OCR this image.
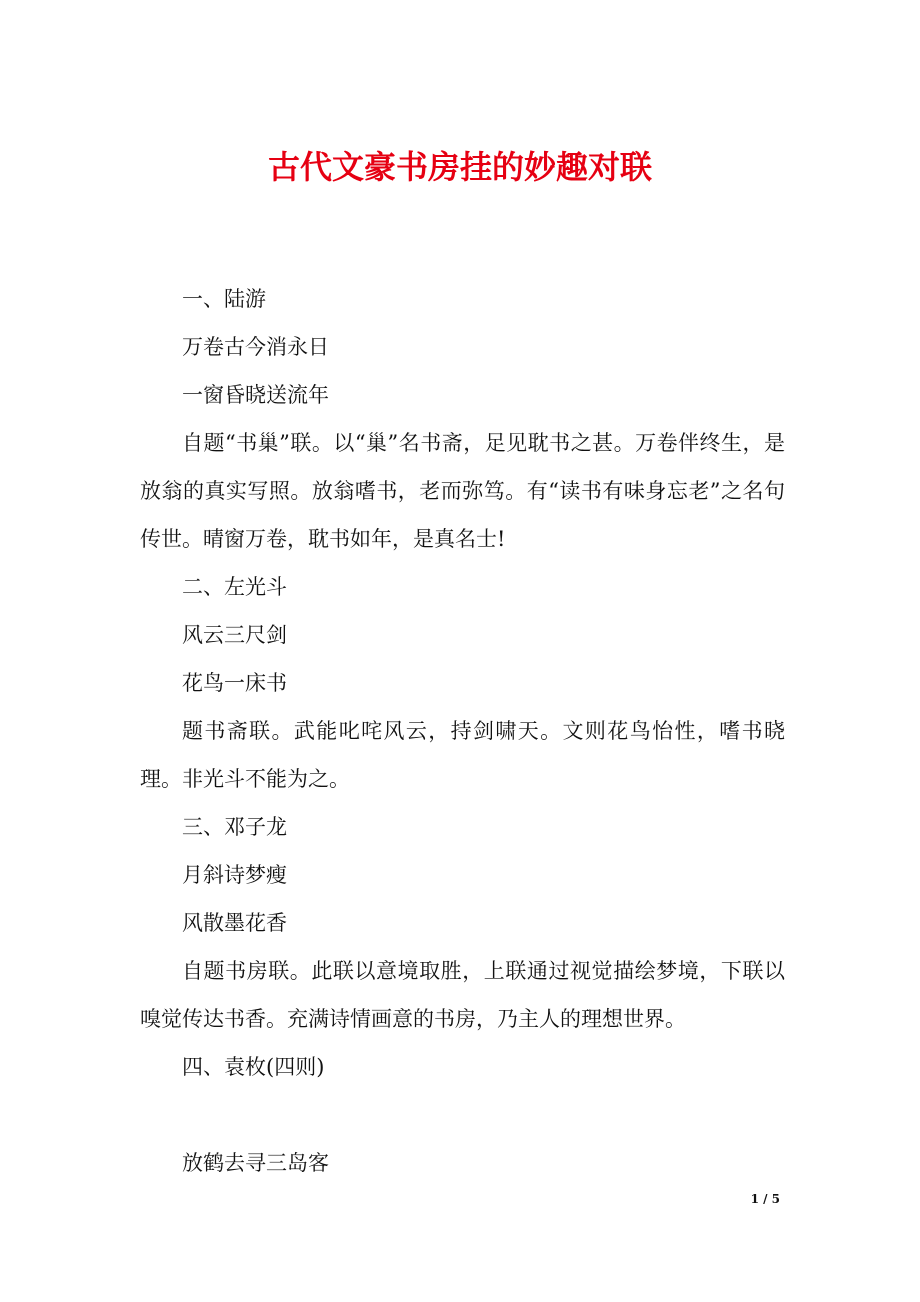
古代文豪书房挂的妙趣对联

一、陆游

万卷古今消永日

一窗昏晓送流年

自题“书巢”联。以“巢”名书斋，足见耽书之甚。万卷伴终生，是放翁的真实写照。放翁嗜书，老而弥笃。有“读书有味身忘老”之名句传世。晴窗万卷，耽书如年，是真名士!

二、左光斗

风云三尺剑

花鸟一床书

题书斋联。武能叱咤风云，持剑啸天。文则花鸟怡性，嗜书晓理。非光斗不能为之。

三、邓子龙

月斜诗梦瘦

风散墨花香

自题书房联。此联以意境取胜，上联通过视觉描绘梦境，下联以嗅觉传达书香。充满诗情画意的书房，乃主人的理想世界。

四、袁枚(四则)

放鹤去寻三岛客

1 / 5
